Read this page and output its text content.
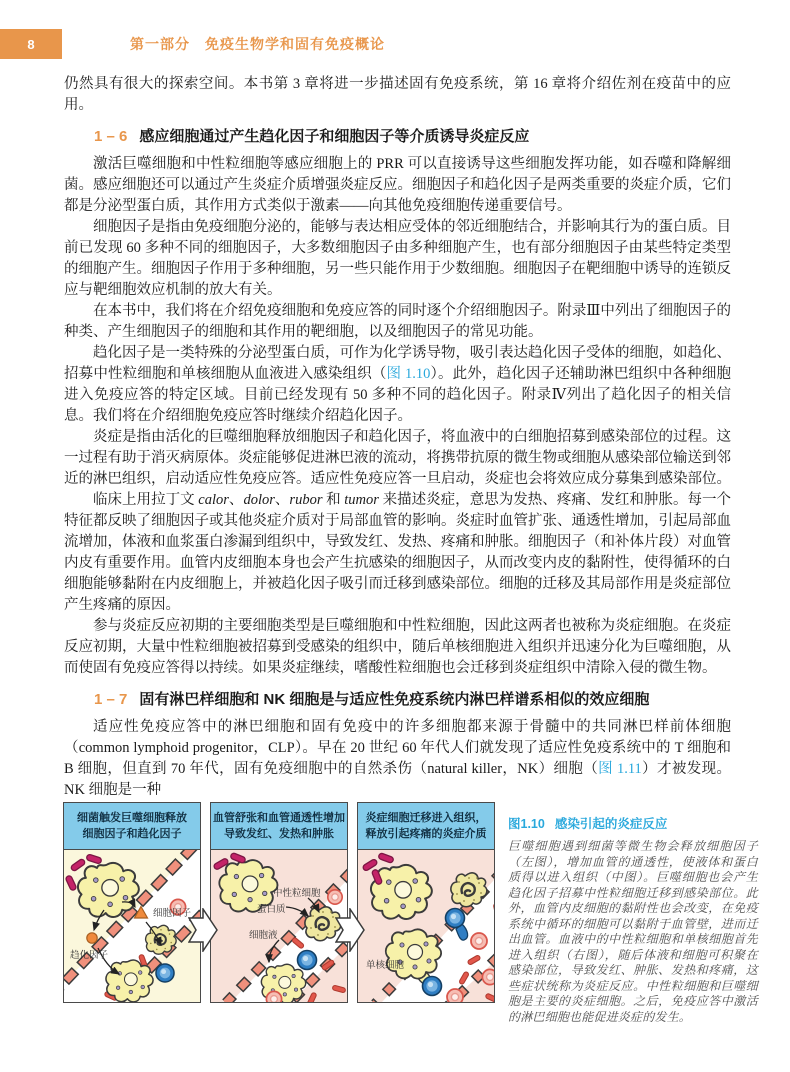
8	第一部分　免疫生物学和固有免疫概论

仍然具有很大的探索空间。本书第 3 章将进一步描述固有免疫系统，第 16 章将介绍佐剂在疫苗中的应用。

1 – 6 感应细胞通过产生趋化因子和细胞因子等介质诱导炎症反应

激活巨噬细胞和中性粒细胞等感应细胞上的 PRR 可以直接诱导这些细胞发挥功能，如吞噬和降解细菌。感应细胞还可以通过产生炎症介质增强炎症反应。细胞因子和趋化因子是两类重要的炎症介质，它们都是分泌型蛋白质，其作用方式类似于激素——向其他免疫细胞传递重要信号。

细胞因子是指由免疫细胞分泌的，能够与表达相应受体的邻近细胞结合，并影响其行为的蛋白质。目前已发现 60 多种不同的细胞因子，大多数细胞因子由多种细胞产生，也有部分细胞因子由某些特定类型的细胞产生。细胞因子作用于多种细胞，另一些只能作用于少数细胞。细胞因子在靶细胞中诱导的连锁反应与靶细胞效应机制的放大有关。

在本书中，我们将在介绍免疫细胞和免疫应答的同时逐个介绍细胞因子。附录Ⅲ中列出了细胞因子的种类、产生细胞因子的细胞和其作用的靶细胞，以及细胞因子的常见功能。

趋化因子是一类特殊的分泌型蛋白质，可作为化学诱导物，吸引表达趋化因子受体的细胞，如趋化、招募中性粒细胞和单核细胞从血液进入感染组织（图 1.10）。此外，趋化因子还辅助淋巴组织中各种细胞进入免疫应答的特定区域。目前已经发现有 50 多种不同的趋化因子。附录Ⅳ列出了趋化因子的相关信息。我们将在介绍细胞免疫应答时继续介绍趋化因子。

炎症是指由活化的巨噬细胞释放细胞因子和趋化因子，将血液中的白细胞招募到感染部位的过程。这一过程有助于消灭病原体。炎症能够促进淋巴液的流动，将携带抗原的微生物或细胞从感染部位输送到邻近的淋巴组织，启动适应性免疫应答。适应性免疫应答一旦启动，炎症也会将效应成分募集到感染部位。

临床上用拉丁文 calor、dolor、rubor 和 tumor 来描述炎症，意思为发热、疼痛、发红和肿胀。每一个特征都反映了细胞因子或其他炎症介质对于局部血管的影响。炎症时血管扩张、通透性增加，引起局部血流增加，体液和血浆蛋白渗漏到组织中，导致发红、发热、疼痛和肿胀。细胞因子（和补体片段）对血管内皮有重要作用。血管内皮细胞本身也会产生抗感染的细胞因子，从而改变内皮的黏附性，使得循环的白细胞能够黏附在内皮细胞上，并被趋化因子吸引而迁移到感染部位。细胞的迁移及其局部作用是炎症部位产生疼痛的原因。

参与炎症反应初期的主要细胞类型是巨噬细胞和中性粒细胞，因此这两者也被称为炎症细胞。在炎症反应初期，大量中性粒细胞被招募到受感染的组织中，随后单核细胞进入组织并迅速分化为巨噬细胞，从而使固有免疫应答得以持续。如果炎症继续，嗜酸性粒细胞也会迁移到炎症组织中清除入侵的微生物。

1 – 7 固有淋巴样细胞和 NK 细胞是与适应性免疫系统内淋巴样谱系相似的效应细胞

适应性免疫应答中的淋巴细胞和固有免疫中的许多细胞都来源于骨髓中的共同淋巴样前体细胞（common lymphoid progenitor，CLP）。早在 20 世纪 60 年代人们就发现了适应性免疫系统中的 T 细胞和 B 细胞，但直到 70 年代，固有免疫细胞中的自然杀伤（natural killer，NK）细胞（图 1.11）才被发现。NK 细胞是一种

细菌触发巨噬细胞释放
细胞因子和趋化因子
细胞因子
趋化因子
血管舒张和血管通透性增加
导致发红、发热和肿胀
中性粒细胞
蛋白质
细胞液
炎症细胞迁移进入组织，
释放引起疼痛的炎症介质
单核细胞
图1.10 感染引起的炎症反应
巨噬细胞遇到细菌等微生物会释放细胞因子（左图），增加血管的通透性，使液体和蛋白质得以进入组织（中图）。巨噬细胞也会产生趋化因子招募中性粒细胞迁移到感染部位。此外，血管内皮细胞的黏附性也会改变，在免疫系统中循环的细胞可以黏附于血管壁，进而迁出血管。血液中的中性粒细胞和单核细胞首先进入组织（右图），随后体液和细胞可积聚在感染部位，导致发红、肿胀、发热和疼痛，这些症状统称为炎症反应。中性粒细胞和巨噬细胞是主要的炎症细胞。之后，免疫应答中激活的淋巴细胞也能促进炎症的发生。
